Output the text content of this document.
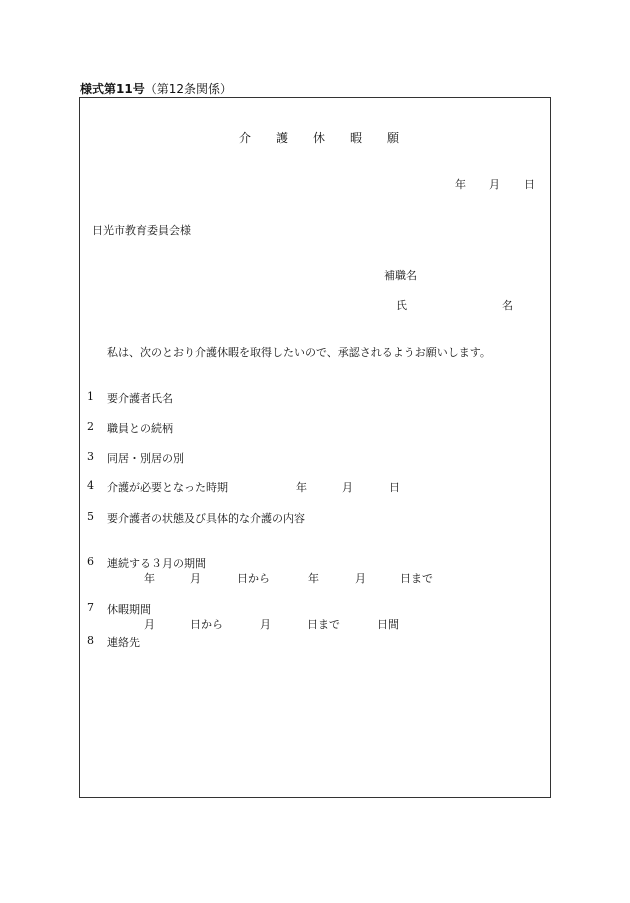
様式第11号（第12条関係）
介 護 休 暇 願
年 月 日
日光市教育委員会様
補職名
氏	名
私は、次のとおり介護休暇を取得したいので、承認されるようお願いします。
1 要介護者氏名
2 職員との続柄
3 同居・別居の別
4 介護が必要となった時期	年	月	日
5 要介護者の状態及び具体的な介護の内容
6 連続する３月の期間
年	月	日から	年	月	日まで
7 休暇期間
月	日から	月	日まで	日間
8 連絡先
